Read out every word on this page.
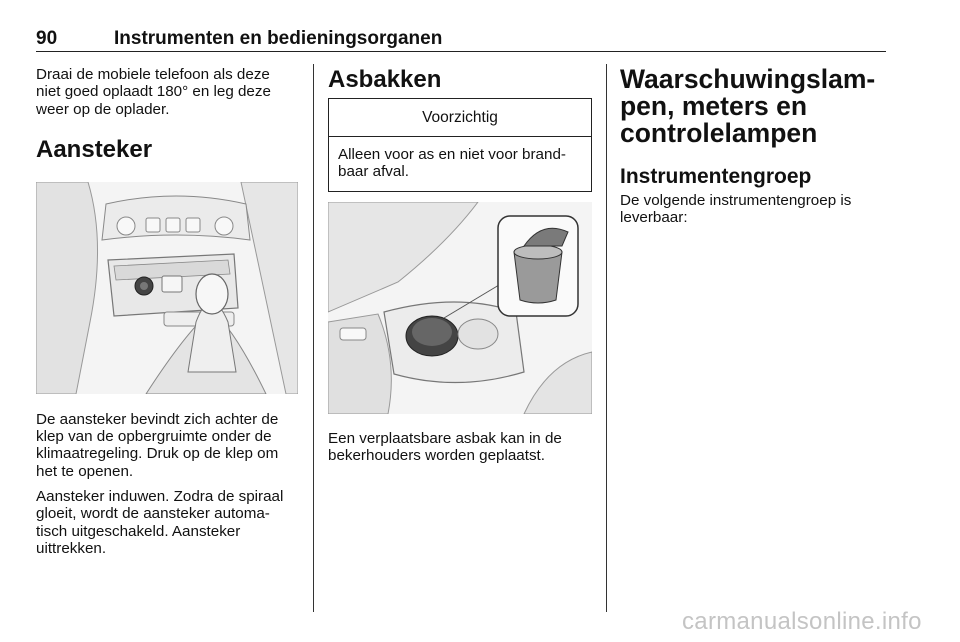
90	Instrumenten en bedieningsorganen

Draai de mobiele telefoon als deze niet goed oplaadt 180° en leg deze weer op de oplader.

Aansteker

De aansteker bevindt zich achter de klep van de opbergruimte onder de klimaatregeling. Druk op de klep om het te openen.

Aansteker induwen. Zodra de spiraal gloeit, wordt de aansteker automa‐ tisch uitgeschakeld. Aansteker uittrekken.

Asbakken
Voorzichtig
Alleen voor as en niet voor brand‐ baar afval.

Een verplaatsbare asbak kan in de bekerhouders worden geplaatst.

Waarschuwingslam‐ pen, meters en controlelampen
Instrumentengroep

De volgende instrumentengroep is leverbaar:

carmanualsonline.info
